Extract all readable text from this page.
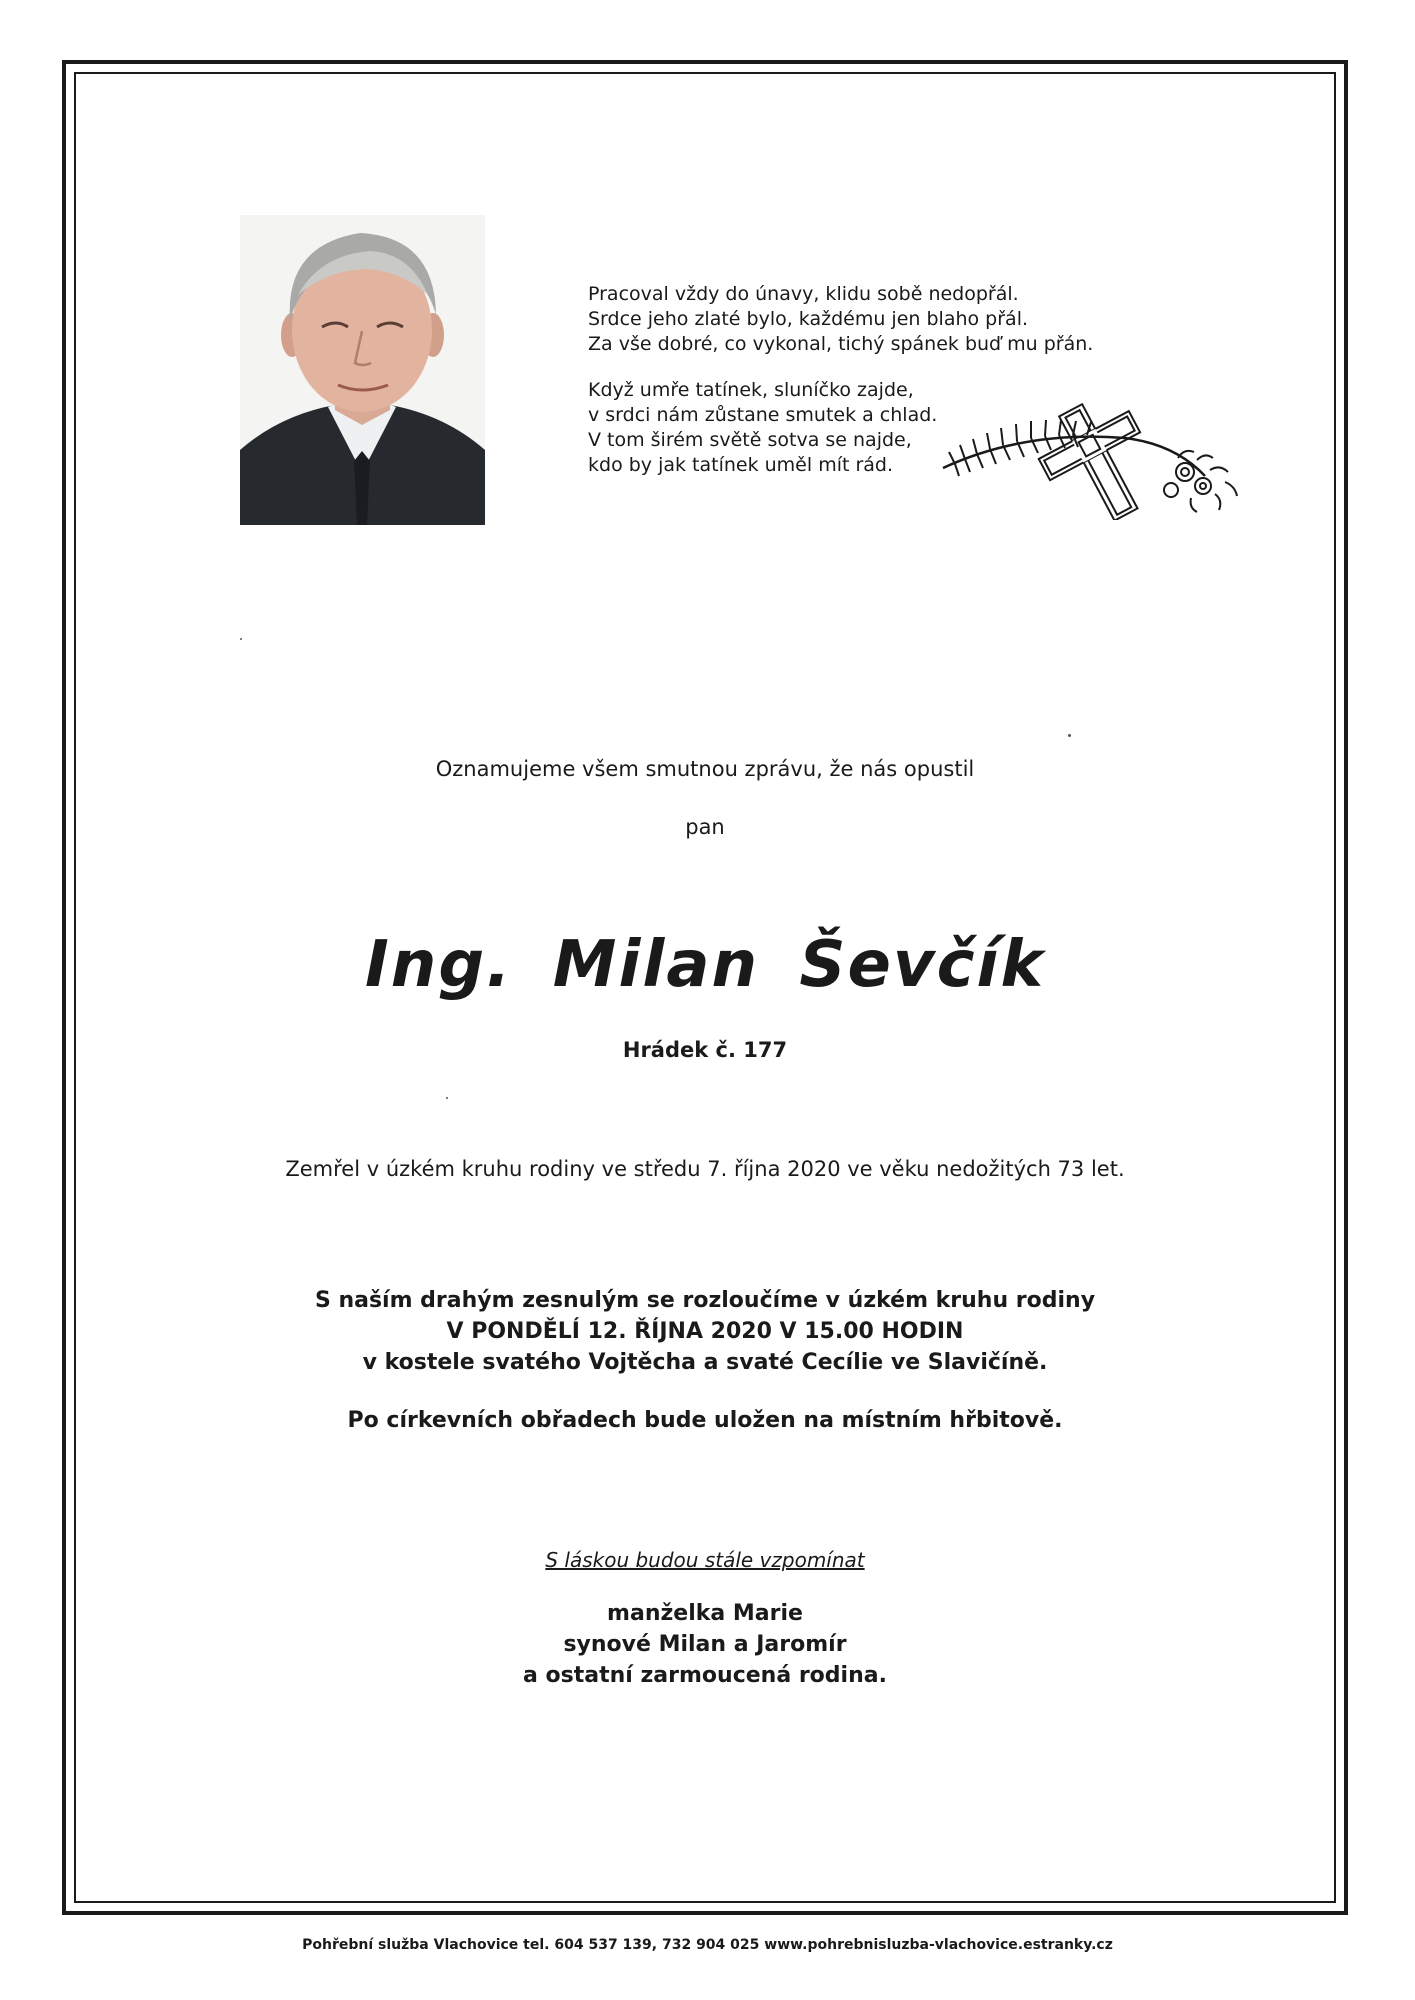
Pracoval vždy do únavy, klidu sobě nedopřál.
Srdce jeho zlaté bylo, každému jen blaho přál.
Za vše dobré, co vykonal, tichý spánek buď mu přán.
Když umře tatínek, sluníčko zajde,
v srdci nám zůstane smutek a chlad.
V tom širém světě sotva se najde,
kdo by jak tatínek uměl mít rád.
Oznamujeme všem smutnou zprávu, že nás opustil
pan
Ing. Milan Ševčík
Hrádek č. 177
Zemřel v úzkém kruhu rodiny ve středu 7. října 2020 ve věku nedožitých 73 let.
S naším drahým zesnulým se rozloučíme v úzkém kruhu rodiny
V PONDĚLÍ 12. ŘÍJNA 2020 V 15.00 HODIN
v kostele svatého Vojtěcha a svaté Cecílie ve Slavičíně.
Po církevních obřadech bude uložen na místním hřbitově.
S láskou budou stále vzpomínat
manželka Marie
synové Milan a Jaromír
a ostatní zarmoucená rodina.
Pohřební služba Vlachovice tel. 604 537 139, 732 904 025 www.pohrebnisluzba-vlachovice.estranky.cz
